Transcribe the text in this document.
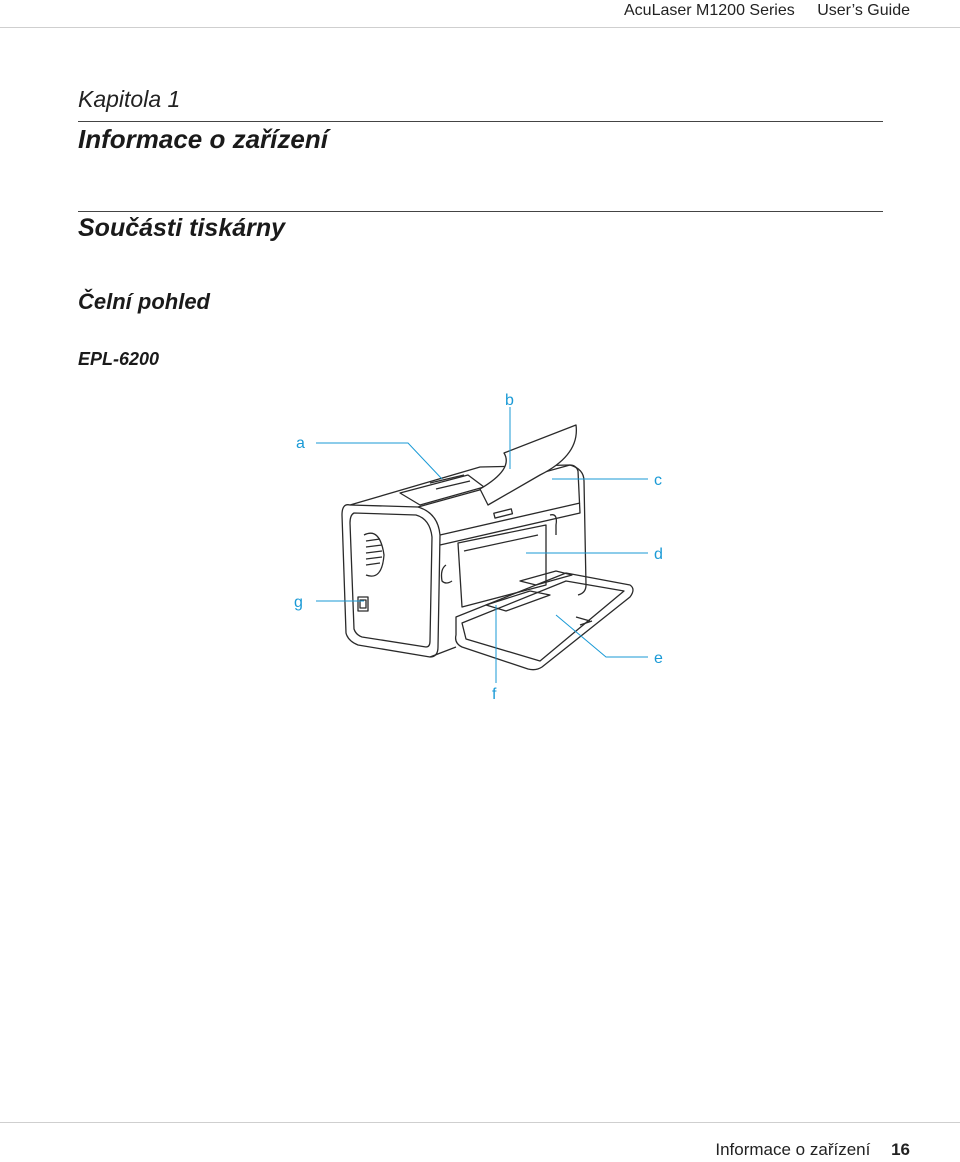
AcuLaser M1200 Series User’s Guide
Kapitola 1
Informace o zařízení
Součásti tiskárny
Čelní pohled
EPL-6200
a
b
c
d
e
f
g
Informace o zařízení 16
